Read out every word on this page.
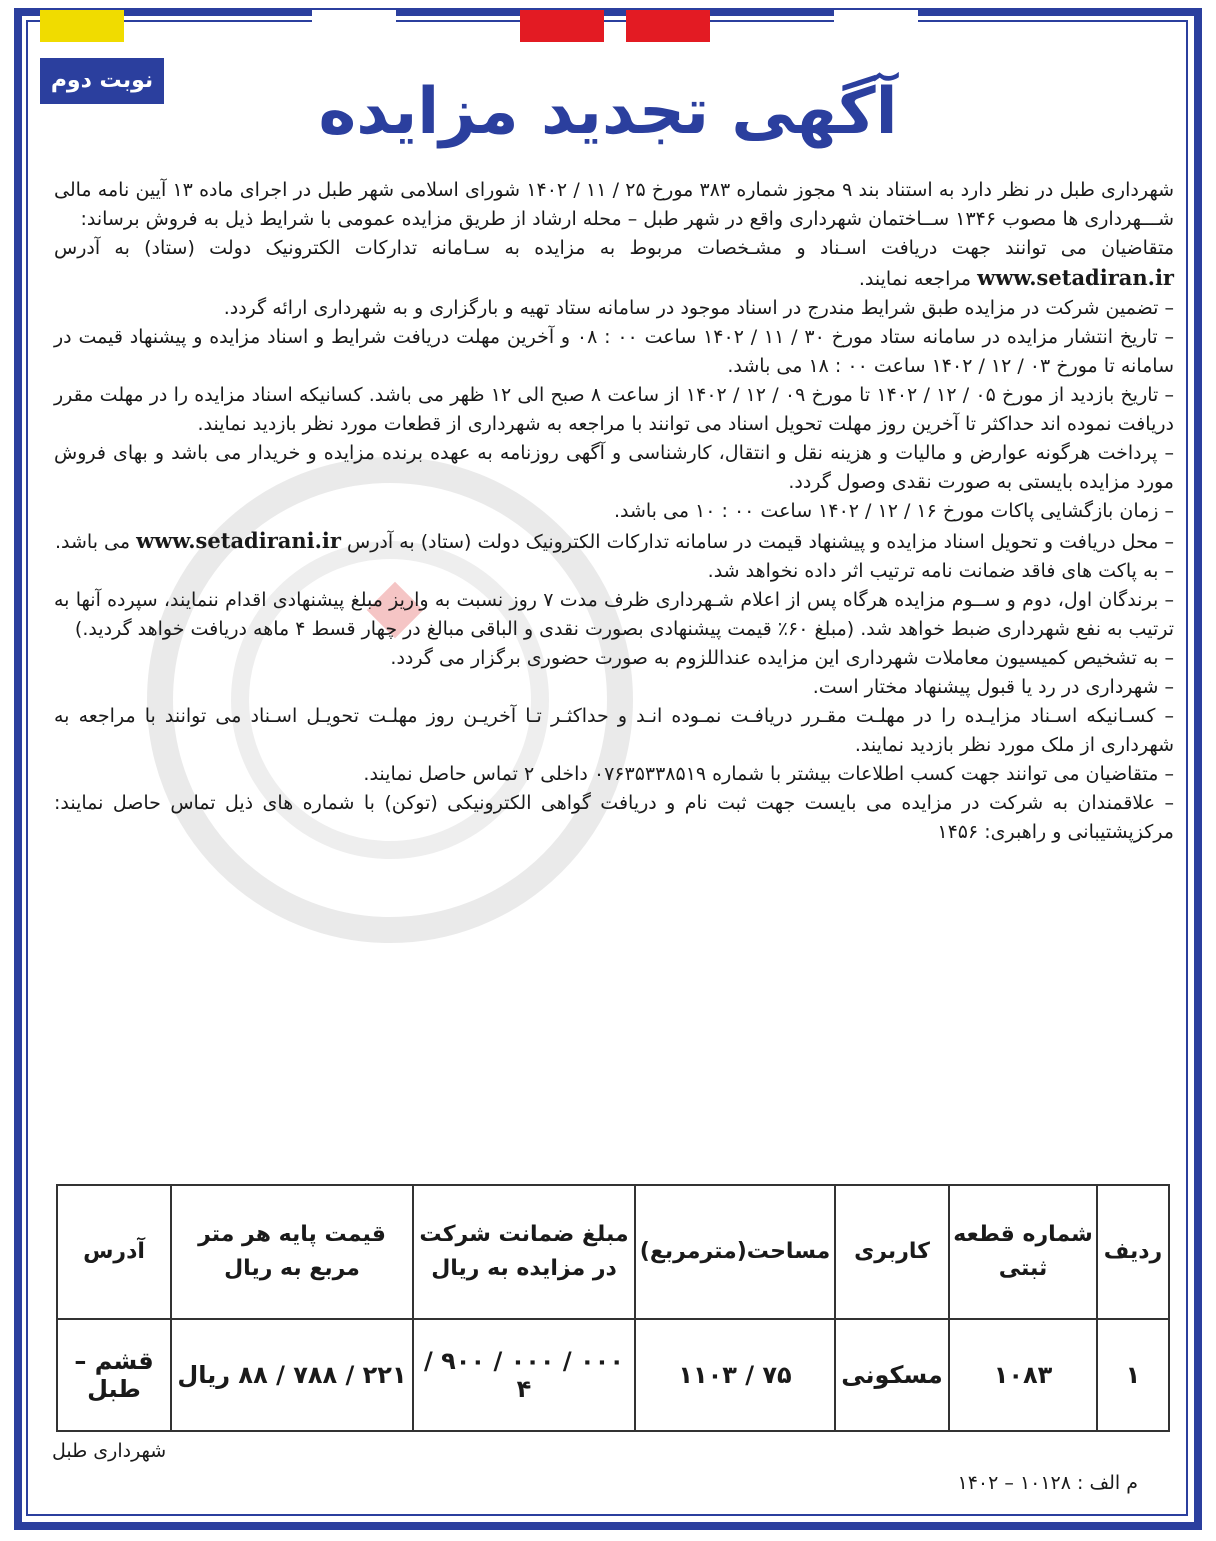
نوبت دوم	آگهی تجدید مزایده

شهرداری طبل در نظر دارد به استناد بند ۹ مجوز شماره ۳۸۳ مورخ ۲۵ / ۱۱ / ۱۴۰۲ شورای اسلامی شهر طبل در اجرای ماده ۱۳ آیین نامه مالی شـــهرداری ها مصوب ۱۳۴۶ ســاختمان شهرداری واقع در شهر طبل – محله ارشاد از طریق مزایده عمومی با شرایط ذیل به فروش برساند:

متقاضیان می توانند جهت دریافت اسـناد و مشـخصات مربوط به مزایده به سـامانه تدارکات الکترونیک دولت (ستاد) به آدرس www.setadiran.ir مراجعه نمایند.

– تضمین شرکت در مزایده طبق شرایط مندرج در اسناد موجود در سامانه ستاد تهیه و بارگزاری و به شهرداری ارائه گردد.

– تاریخ انتشار مزایده در سامانه ستاد مورخ ۳۰ / ۱۱ / ۱۴۰۲ ساعت ۰۰ : ۰۸ و آخرین مهلت دریافت شرایط و اسناد مزایده و پیشنهاد قیمت در سامانه تا مورخ ۰۳ / ۱۲ / ۱۴۰۲ ساعت ۰۰ : ۱۸ می باشد.

– تاریخ بازدید از مورخ ۰۵ / ۱۲ / ۱۴۰۲ تا مورخ ۰۹ / ۱۲ / ۱۴۰۲ از ساعت ۸ صبح الی ۱۲ ظهر می باشد. کسانیکه اسناد مزایده را در مهلت مقرر دریافت نموده اند حداکثر تا آخرین روز مهلت تحویل اسناد می توانند با مراجعه به شهرداری از قطعات مورد نظر بازدید نمایند.

– پرداخت هرگونه عوارض و مالیات و هزینه نقل و انتقال، کارشناسی و آگهی روزنامه به عهده برنده مزایده و خریدار می باشد و بهای فروش مورد مزایده بایستی به صورت نقدی وصول گردد.

– زمان بازگشایی پاکات مورخ ۱۶ / ۱۲ / ۱۴۰۲ ساعت ۰۰ : ۱۰ می باشد.

– محل دریافت و تحویل اسناد مزایده و پیشنهاد قیمت در سامانه تدارکات الکترونیک دولت (ستاد) به آدرس www.setadirani.ir می باشد.

– به پاکت های فاقد ضمانت نامه ترتیب اثر داده نخواهد شد.

– برندگان اول، دوم و ســوم مزایده هرگاه پس از اعلام شـهرداری ظرف مدت ۷ روز نسبت به واریز مبلغ پیشنهادی اقدام ننمایند، سپرده آنها به ترتیب به نفع شهرداری ضبط خواهد شد. (مبلغ ۶۰٪ قیمت پیشنهادی بصورت نقدی و الباقی مبالغ در چهار قسط ۴ ماهه دریافت خواهد گردید.)

– به تشخیص کمیسیون معاملات شهرداری این مزایده عنداللزوم به صورت حضوری برگزار می گردد.

– شهرداری در رد یا قبول پیشنهاد مختار است.

– کسـانیکه اسـناد مزایـده را در مهلـت مقـرر دریافـت نمـوده انـد و حداکثـر تـا آخریـن روز مهلـت تحویـل اسـناد می توانند با مراجعه به شهرداری از ملک مورد نظر بازدید نمایند.

– متقاضیان می توانند جهت کسب اطلاعات بیشتر با شماره ۰۷۶۳۵۳۳۸۵۱۹ داخلی ۲ تماس حاصل نمایند.

– علاقمندان به شرکت در مزایده می بایست جهت ثبت نام و دریافت گواهی الکترونیکی (توکن) با شماره های ذیل تماس حاصل نمایند: مرکزپشتیبانی و راهبری: ۱۴۵۶

ردیف	شماره قطعه ثبتی	کاربری	مساحت(مترمربع)	مبلغ ضمانت شرکت در مزایده به ریال	قیمت پایه هر متر مربع به ریال	آدرس
۱	۱۰۸۳	مسکونی	۷۵ / ۱۱۰۳	۰۰۰ / ۰۰۰ / ۹۰۰ / ۴	۲۲۱ / ۷۸۸ / ۸۸ ریال	قشم – طبل
شهرداری طبل
م الف : ۱۰۱۲۸ – ۱۴۰۲
